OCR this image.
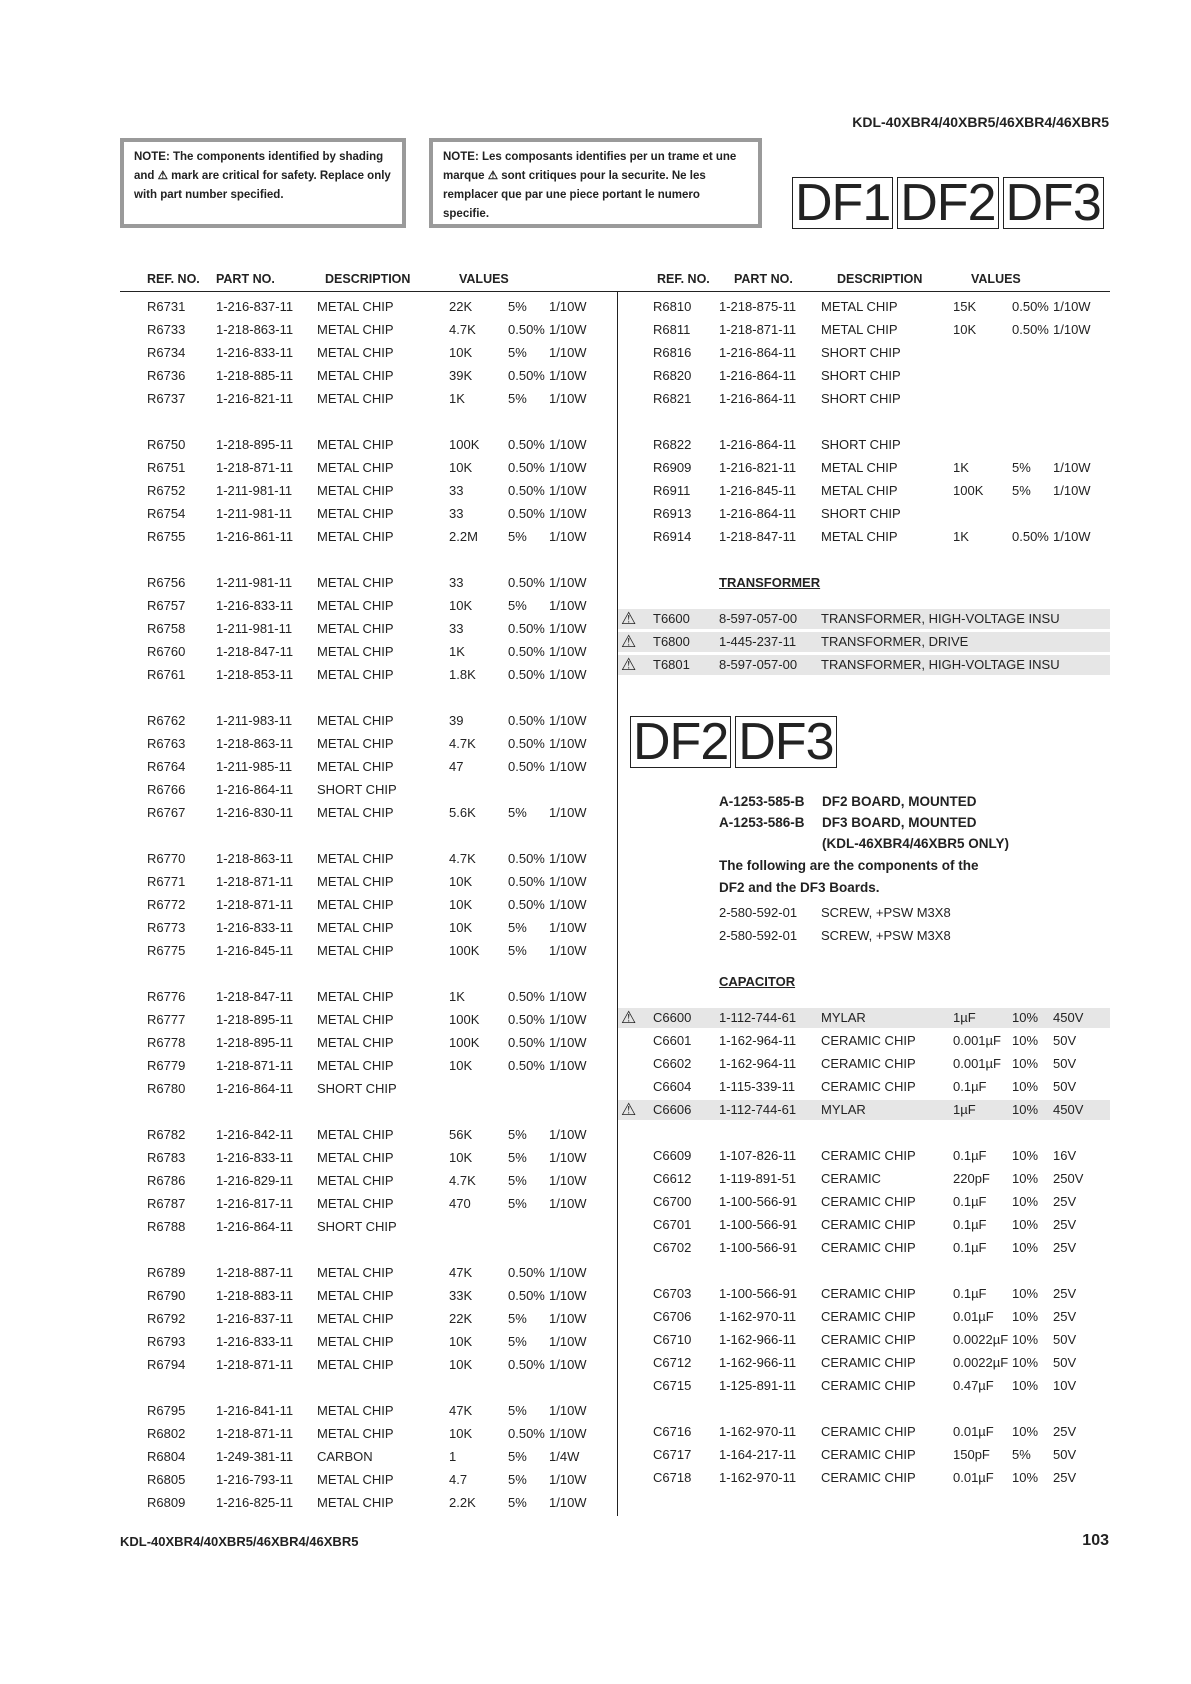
KDL-40XBR4/40XBR5/46XBR4/46XBR5
NOTE: The components identified by shading and ⚠ mark are critical for safety. Replace only with part number specified.
NOTE: Les composants identifies per un trame et une marque ⚠ sont critiques pour la securite. Ne les remplacer que par une piece portant le numero specifie.	DF1 DF2 DF3
REF. NO. PART NO.	DESCRIPTION	VALUES	REF. NO. PART NO.	DESCRIPTION	VALUES
R6731 1-216-837-11 METAL CHIP	22K	5% 1/10W
R6733 1-218-863-11 METAL CHIP	4.7K 0.50% 1/10W
R6734 1-216-833-11 METAL CHIP	10K	5% 1/10W
R6736 1-218-885-11 METAL CHIP	39K	0.50% 1/10W
R6737 1-216-821-11 METAL CHIP	1K	5% 1/10W
R6750 1-218-895-11 METAL CHIP	100K 0.50% 1/10W
R6751 1-218-871-11 METAL CHIP	10K	0.50% 1/10W
R6752 1-211-981-11 METAL CHIP	33	0.50% 1/10W
R6754 1-211-981-11 METAL CHIP	33	0.50% 1/10W
R6755 1-216-861-11 METAL CHIP	2.2M 5% 1/10W
R6756 1-211-981-11 METAL CHIP	33	0.50% 1/10W
R6757 1-216-833-11 METAL CHIP	10K	5% 1/10W
R6758 1-211-981-11 METAL CHIP	33	0.50% 1/10W
R6760 1-218-847-11 METAL CHIP	1K	0.50% 1/10W
R6761 1-218-853-11 METAL CHIP	1.8K 0.50% 1/10W
R6762 1-211-983-11 METAL CHIP	39	0.50% 1/10W
R6763 1-218-863-11 METAL CHIP	4.7K 0.50% 1/10W
R6764 1-211-985-11 METAL CHIP	47	0.50% 1/10W
R6766 1-216-864-11 SHORT CHIP
R6767 1-216-830-11 METAL CHIP	5.6K 5% 1/10W
R6770 1-218-863-11 METAL CHIP	4.7K 0.50% 1/10W
R6771 1-218-871-11 METAL CHIP	10K	0.50% 1/10W
R6772 1-218-871-11 METAL CHIP	10K	0.50% 1/10W
R6773 1-216-833-11 METAL CHIP	10K	5% 1/10W
R6775 1-216-845-11 METAL CHIP	100K 5% 1/10W
R6776 1-218-847-11 METAL CHIP	1K	0.50% 1/10W
R6777 1-218-895-11 METAL CHIP	100K 0.50% 1/10W
R6778 1-218-895-11 METAL CHIP	100K 0.50% 1/10W
R6779 1-218-871-11 METAL CHIP	10K	0.50% 1/10W
R6780 1-216-864-11 SHORT CHIP
R6782 1-216-842-11 METAL CHIP	56K	5% 1/10W
R6783 1-216-833-11 METAL CHIP	10K	5% 1/10W
R6786 1-216-829-11 METAL CHIP	4.7K 5% 1/10W
R6787 1-216-817-11 METAL CHIP	470	5% 1/10W
R6788 1-216-864-11 SHORT CHIP
R6789 1-218-887-11 METAL CHIP	47K	0.50% 1/10W
R6790 1-218-883-11 METAL CHIP	33K	0.50% 1/10W
R6792 1-216-837-11 METAL CHIP	22K	5% 1/10W
R6793 1-216-833-11 METAL CHIP	10K	5% 1/10W
R6794 1-218-871-11 METAL CHIP	10K	0.50% 1/10W
R6795 1-216-841-11 METAL CHIP	47K	5% 1/10W
R6802 1-218-871-11 METAL CHIP	10K	0.50% 1/10W
R6804 1-249-381-11 CARBON	1	5% 1/4W
R6805 1-216-793-11 METAL CHIP	4.7	5% 1/10W
R6809 1-216-825-11 METAL CHIP	2.2K 5% 1/10W
R6810 1-218-875-11 METAL CHIP	15K	0.50% 1/10W
R6811 1-218-871-11 METAL CHIP	10K	0.50% 1/10W
R6816 1-216-864-11 SHORT CHIP
R6820 1-216-864-11 SHORT CHIP
R6821 1-216-864-11 SHORT CHIP
R6822 1-216-864-11 SHORT CHIP
R6909 1-216-821-11 METAL CHIP	1K	5% 1/10W
R6911 1-216-845-11 METAL CHIP	100K 5% 1/10W
R6913 1-216-864-11 SHORT CHIP
R6914 1-218-847-11 METAL CHIP	1K	0.50% 1/10W
TRANSFORMER
⚠ T6600 8-597-057-00 TRANSFORMER, HIGH-VOLTAGE INSU
⚠ T6800 1-445-237-11 TRANSFORMER, DRIVE
⚠ T6801 8-597-057-00 TRANSFORMER, HIGH-VOLTAGE INSU
DF2 DF3
A-1253-585-B DF2 BOARD, MOUNTED
A-1253-586-B DF3 BOARD, MOUNTED
(KDL-46XBR4/46XBR5 ONLY)
The following are the components of the
DF2 and the DF3 Boards.
2-580-592-01 SCREW, +PSW M3X8
2-580-592-01 SCREW, +PSW M3X8
CAPACITOR
⚠ C6600 1-112-744-61 MYLAR	1µF	10% 450V
C6601 1-162-964-11 CERAMIC CHIP	0.001µF 10% 50V
C6602 1-162-964-11 CERAMIC CHIP	0.001µF 10% 50V
C6604 1-115-339-11 CERAMIC CHIP	0.1µF 10% 50V
⚠ C6606 1-112-744-61 MYLAR	1µF	10% 450V
C6609 1-107-826-11 CERAMIC CHIP	0.1µF 10% 16V
C6612 1-119-891-51 CERAMIC	220pF 10% 250V
C6700 1-100-566-91 CERAMIC CHIP	0.1µF 10% 25V
C6701 1-100-566-91 CERAMIC CHIP	0.1µF 10% 25V
C6702 1-100-566-91 CERAMIC CHIP	0.1µF 10% 25V
C6703 1-100-566-91 CERAMIC CHIP	0.1µF 10% 25V
C6706 1-162-970-11 CERAMIC CHIP	0.01µF 10% 25V
C6710 1-162-966-11 CERAMIC CHIP	0.0022µF 10% 50V
C6712 1-162-966-11 CERAMIC CHIP	0.0022µF 10% 50V
C6715 1-125-891-11 CERAMIC CHIP	0.47µF 10% 10V
C6716 1-162-970-11 CERAMIC CHIP	0.01µF 10% 25V
C6717 1-164-217-11 CERAMIC CHIP	150pF 5% 50V
C6718 1-162-970-11 CERAMIC CHIP	0.01µF 10% 25V
KDL-40XBR4/40XBR5/46XBR4/46XBR5	103
